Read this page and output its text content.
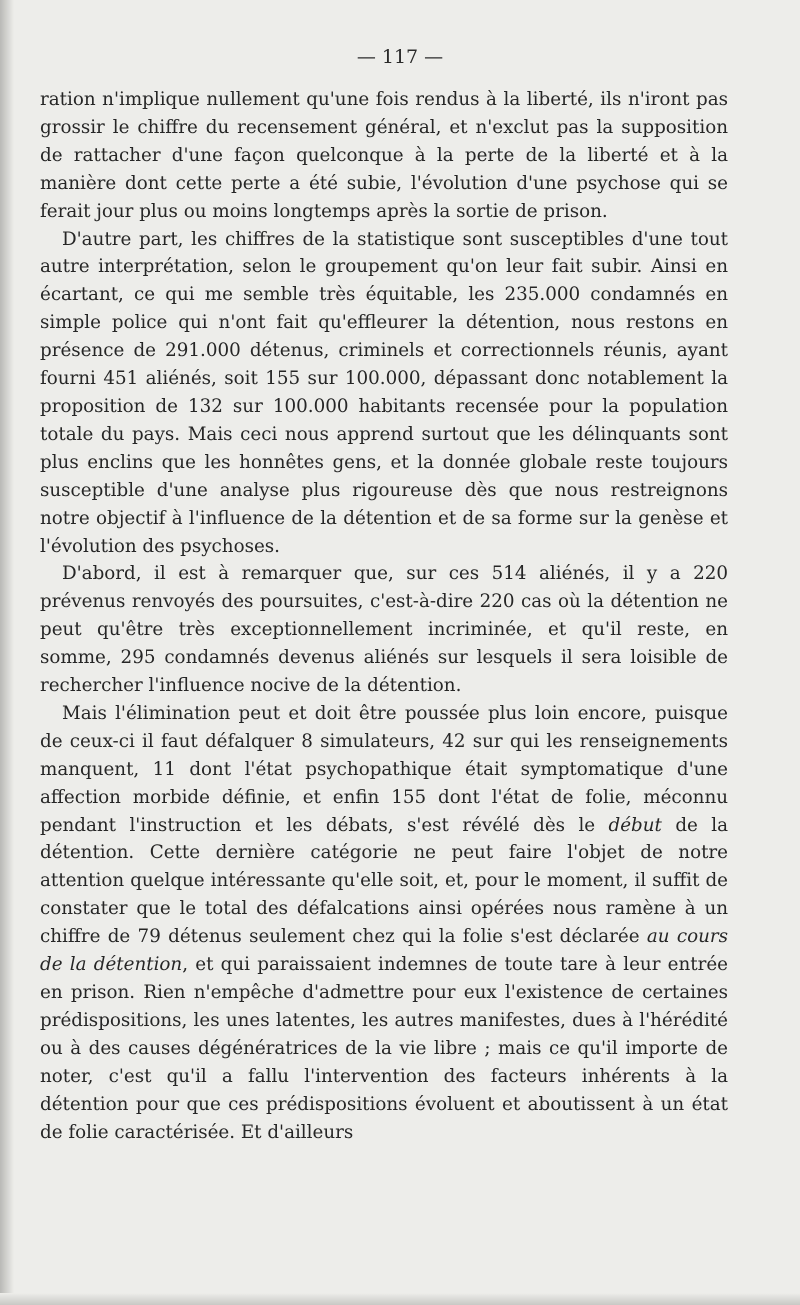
— 117 —

ration n'implique nullement qu'une fois rendus à la liberté, ils n'iront pas grossir le chiffre du recensement général, et n'exclut pas la supposition de rattacher d'une façon quelconque à la perte de la liberté et à la manière dont cette perte a été subie, l'évolution d'une psychose qui se ferait jour plus ou moins longtemps après la sortie de prison.

D'autre part, les chiffres de la statistique sont susceptibles d'une tout autre interprétation, selon le groupement qu'on leur fait subir. Ainsi en écartant, ce qui me semble très équitable, les 235.000 condamnés en simple police qui n'ont fait qu'effleurer la détention, nous restons en présence de 291.000 détenus, criminels et correctionnels réunis, ayant fourni 451 aliénés, soit 155 sur 100.000, dépassant donc notablement la proposition de 132 sur 100.000 habitants recensée pour la population totale du pays. Mais ceci nous apprend surtout que les délinquants sont plus enclins que les honnêtes gens, et la donnée globale reste toujours susceptible d'une analyse plus rigoureuse dès que nous restreignons notre objectif à l'influence de la détention et de sa forme sur la genèse et l'évolution des psychoses.

D'abord, il est à remarquer que, sur ces 514 aliénés, il y a 220 prévenus renvoyés des poursuites, c'est-à-dire 220 cas où la détention ne peut qu'être très exceptionnellement incriminée, et qu'il reste, en somme, 295 condamnés devenus aliénés sur lesquels il sera loisible de rechercher l'influence nocive de la détention.

Mais l'élimination peut et doit être poussée plus loin encore, puisque de ceux-ci il faut défalquer 8 simulateurs, 42 sur qui les renseignements manquent, 11 dont l'état psychopathique était symptomatique d'une affection morbide définie, et enfin 155 dont l'état de folie, méconnu pendant l'instruction et les débats, s'est révélé dès le début de la détention. Cette dernière catégorie ne peut faire l'objet de notre attention quelque intéressante qu'elle soit, et, pour le moment, il suffit de constater que le total des défalcations ainsi opérées nous ramène à un chiffre de 79 détenus seulement chez qui la folie s'est déclarée au cours de la détention, et qui paraissaient indemnes de toute tare à leur entrée en prison. Rien n'empêche d'admettre pour eux l'existence de certaines prédispositions, les unes latentes, les autres manifestes, dues à l'hérédité ou à des causes dégénératrices de la vie libre ; mais ce qu'il importe de noter, c'est qu'il a fallu l'intervention des facteurs inhérents à la détention pour que ces prédispositions évoluent et aboutissent à un état de folie caractérisée. Et d'ailleurs
